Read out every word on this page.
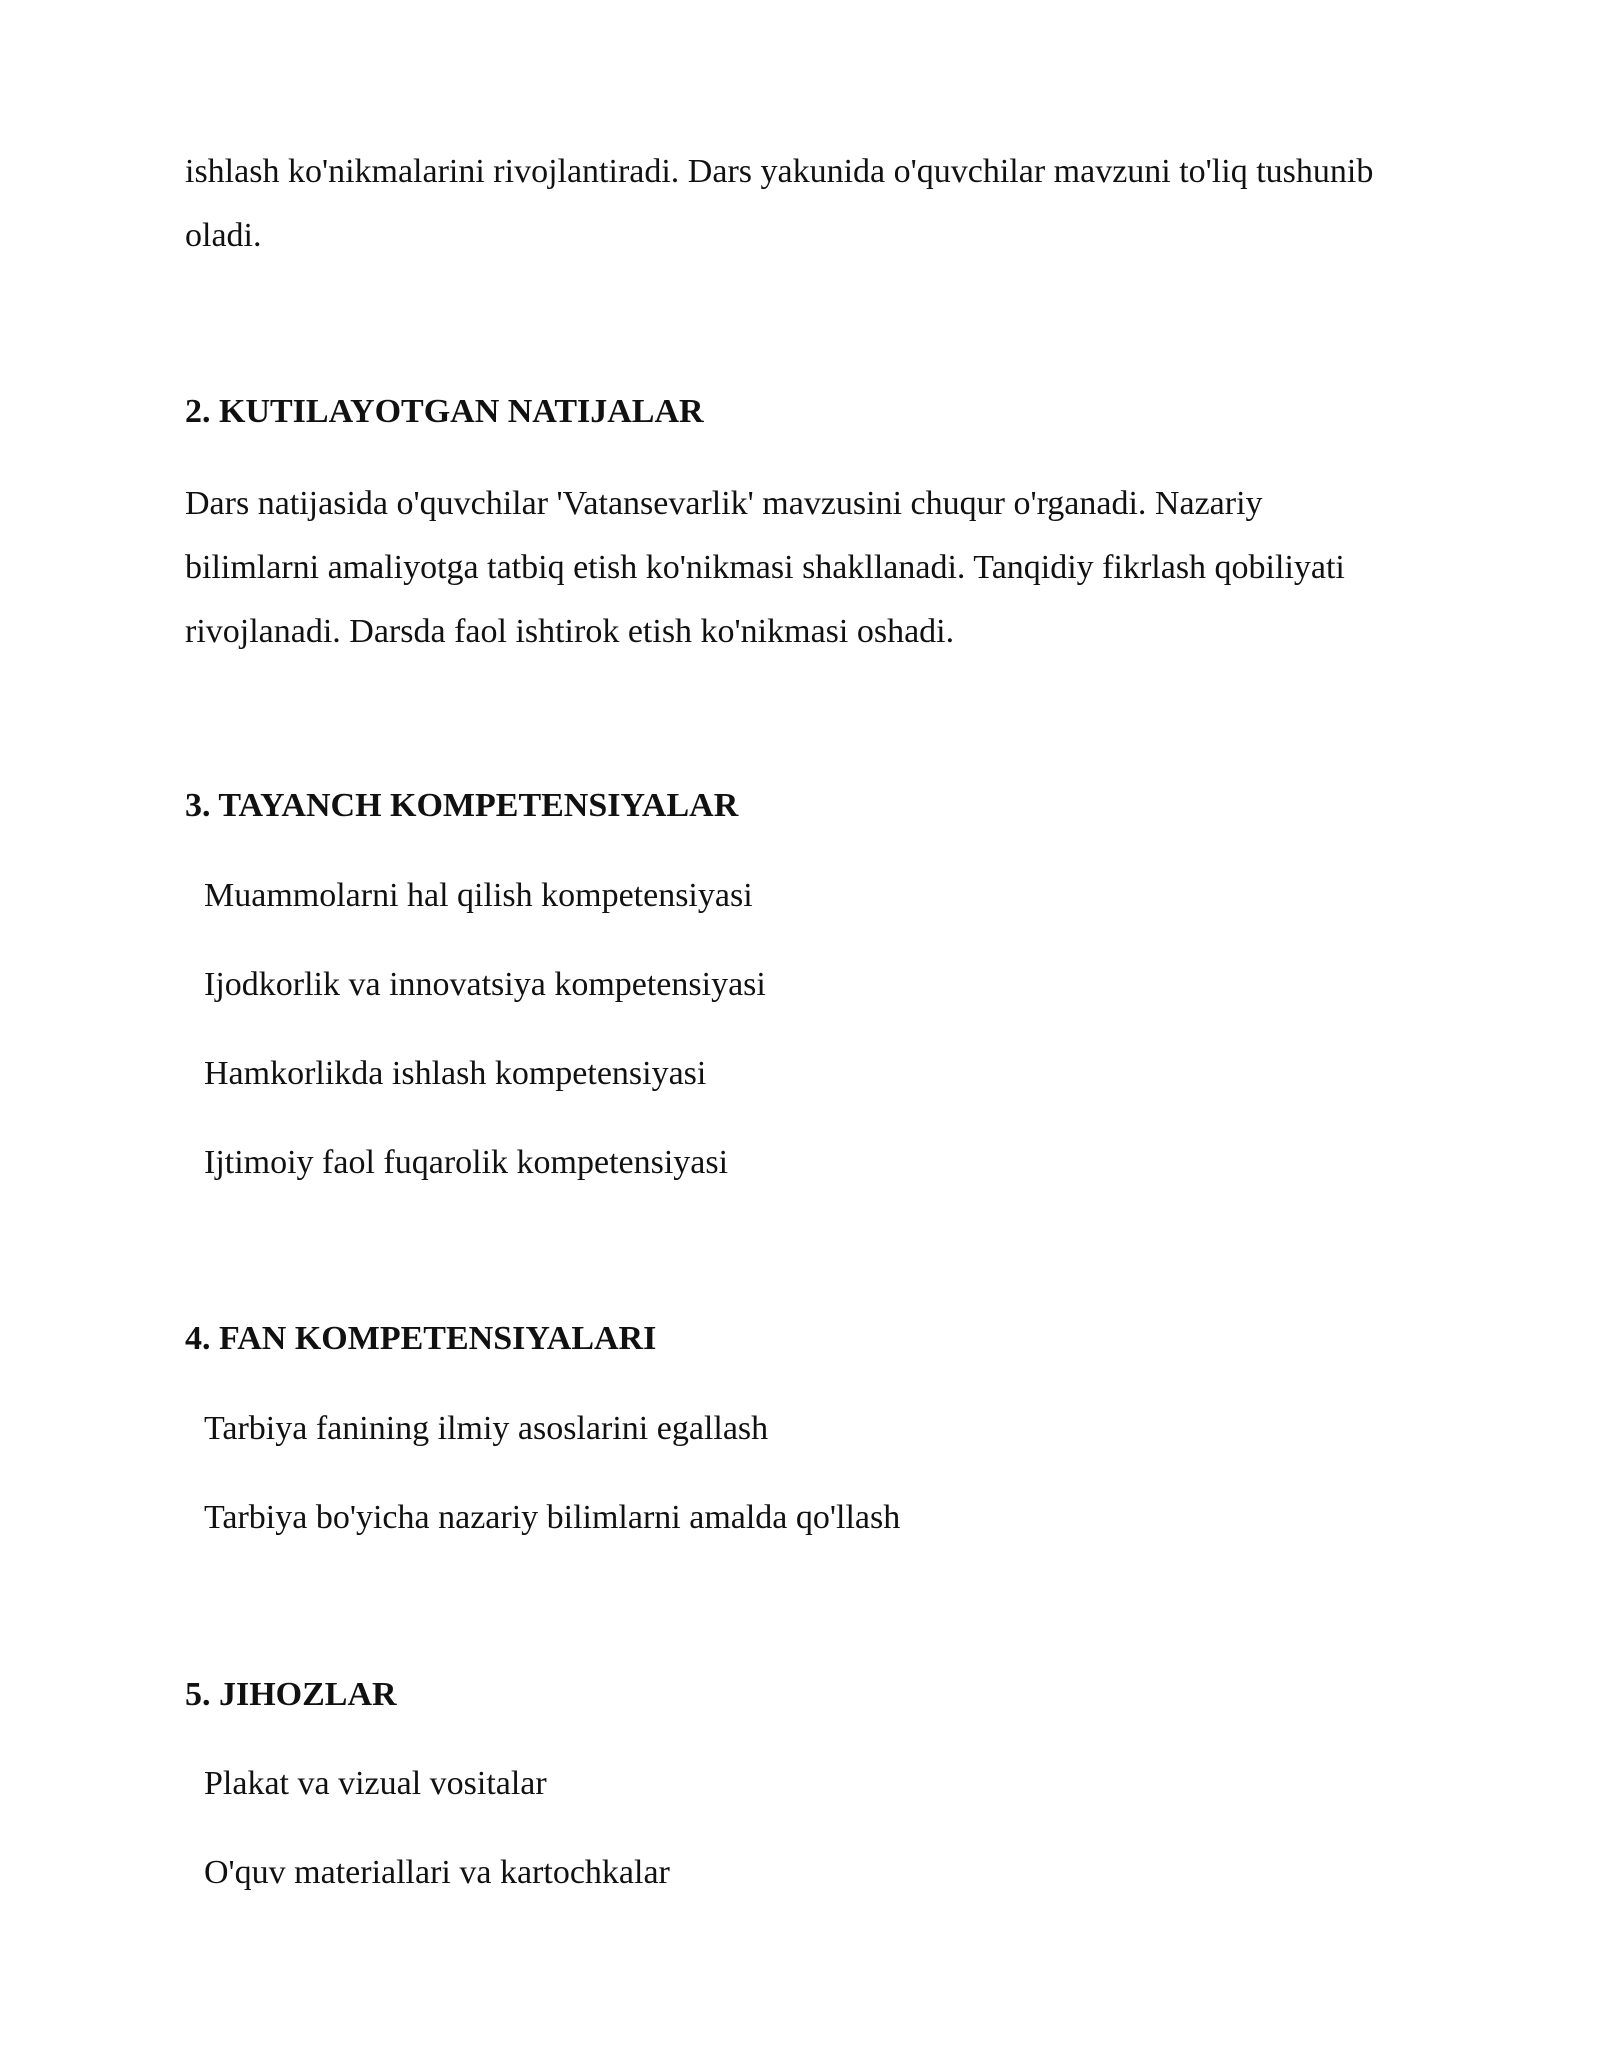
ishlash ko'nikmalarini rivojlantiradi. Dars yakunida o'quvchilar mavzuni to'liq tushunib oladi.

2. KUTILAYOTGAN NATIJALAR

Dars natijasida o'quvchilar 'Vatansevarlik' mavzusini chuqur o'rganadi. Nazariy bilimlarni amaliyotga tatbiq etish ko'nikmasi shakllanadi. Tanqidiy fikrlash qobiliyati rivojlanadi. Darsda faol ishtirok etish ko'nikmasi oshadi.

3. TAYANCH KOMPETENSIYALAR

Muammolarni hal qilish kompetensiyasi

Ijodkorlik va innovatsiya kompetensiyasi

Hamkorlikda ishlash kompetensiyasi

Ijtimoiy faol fuqarolik kompetensiyasi

4. FAN KOMPETENSIYALARI

Tarbiya fanining ilmiy asoslarini egallash

Tarbiya bo'yicha nazariy bilimlarni amalda qo'llash

5. JIHOZLAR

Plakat va vizual vositalar

O'quv materiallari va kartochkalar
